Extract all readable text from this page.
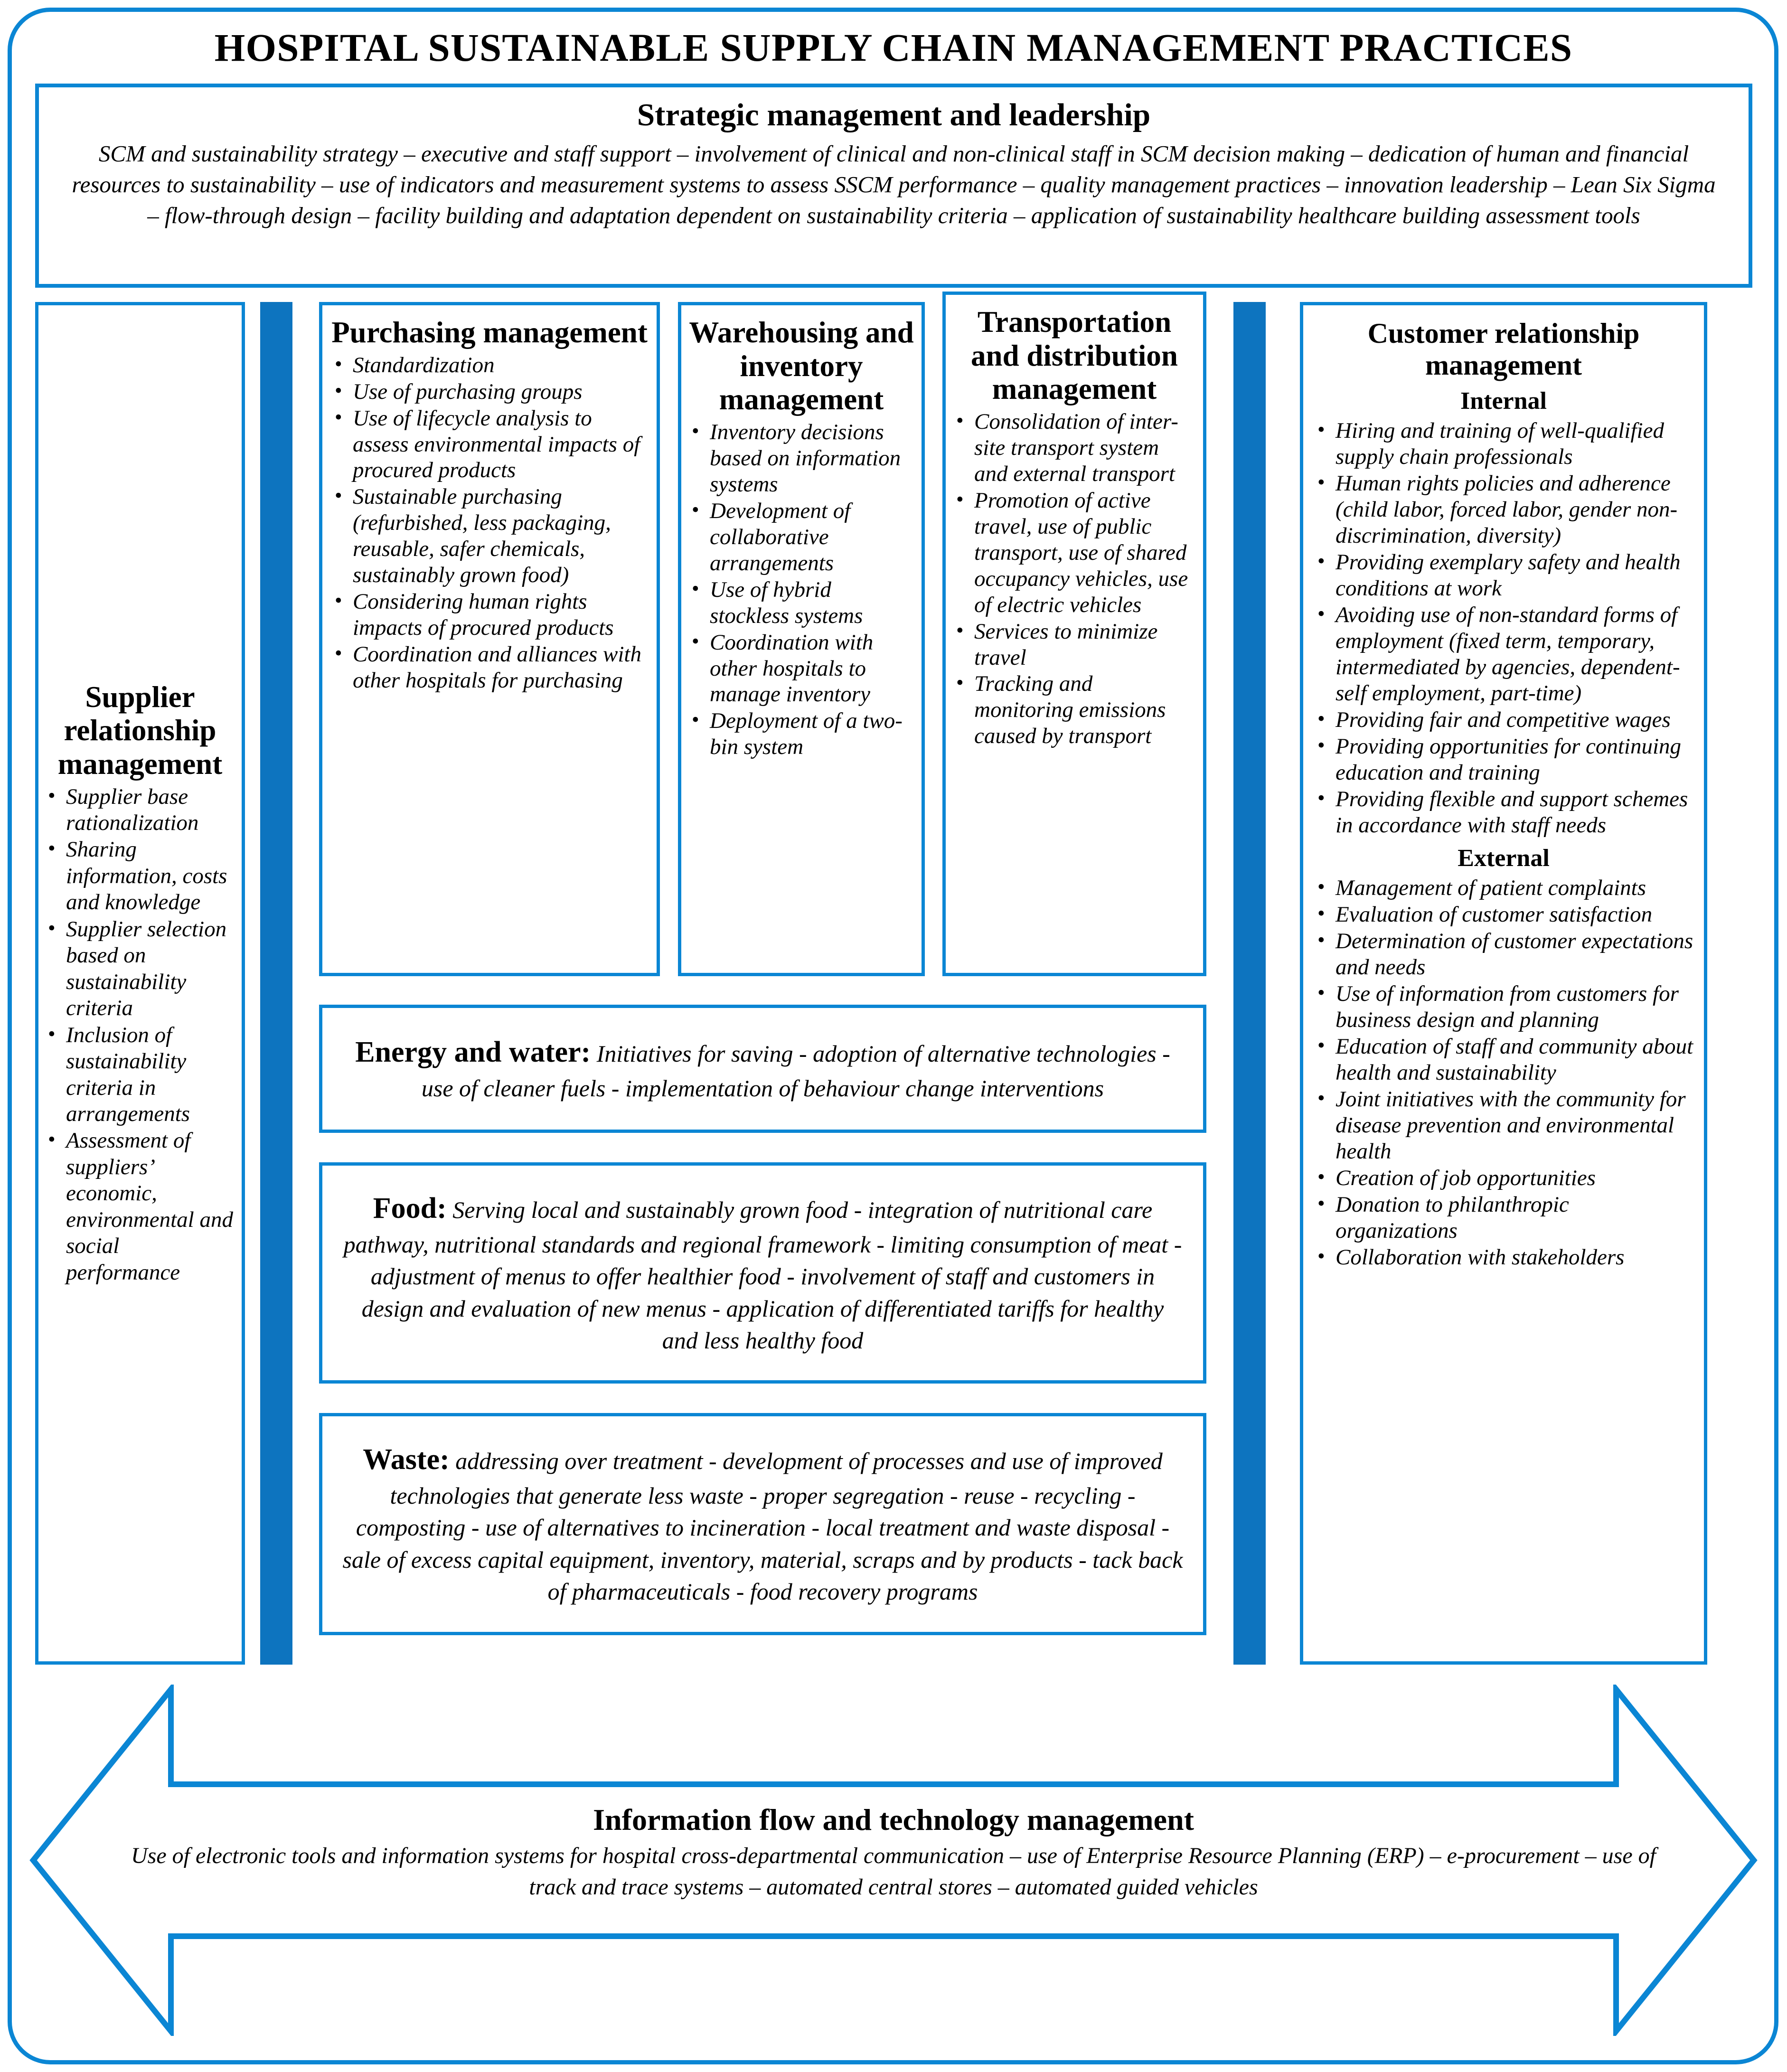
HOSPITAL SUSTAINABLE SUPPLY CHAIN MANAGEMENT PRACTICES
Strategic management and leadership
SCM and sustainability strategy – executive and staff support – involvement of clinical and non-clinical staff in SCM decision making – dedication of human and financial resources to sustainability – use of indicators and measurement systems to assess SSCM performance – quality management practices – innovation leadership – Lean Six Sigma – flow-through design – facility building and adaptation dependent on sustainability criteria – application of sustainability healthcare building assessment tools
Supplier relationship management
• Supplier base rationalization
• Sharing information, costs and knowledge
• Supplier selection based on sustainability criteria
• Inclusion of sustainability criteria in arrangements
• Assessment of suppliers’ economic, environmental and social performance
Purchasing management
• Standardization
• Use of purchasing groups
• Use of lifecycle analysis to assess environmental impacts of procured products
• Sustainable purchasing (refurbished, less packaging, reusable, safer chemicals, sustainably grown food)
• Considering human rights impacts of procured products
• Coordination and alliances with other hospitals for purchasing
Warehousing and inventory management
• Inventory decisions based on information systems
• Development of collaborative arrangements
• Use of hybrid stockless systems
• Coordination with other hospitals to manage inventory
• Deployment of a two-bin system
Transportation and distribution management
• Consolidation of inter-site transport system and external transport
• Promotion of active travel, use of public transport, use of shared occupancy vehicles, use of electric vehicles
• Services to minimize travel
• Tracking and monitoring emissions caused by transport
Energy and water: Initiatives for saving - adoption of alternative technologies - use of cleaner fuels - implementation of behaviour change interventions
Food: Serving local and sustainably grown food - integration of nutritional care pathway, nutritional standards and regional framework - limiting consumption of meat - adjustment of menus to offer healthier food - involvement of staff and customers in design and evaluation of new menus - application of differentiated tariffs for healthy and less healthy food
Waste: addressing over treatment - development of processes and use of improved technologies that generate less waste - proper segregation - reuse - recycling - composting - use of alternatives to incineration - local treatment and waste disposal - sale of excess capital equipment, inventory, material, scraps and by products - tack back of pharmaceuticals - food recovery programs
Customer relationship management
Internal
• Hiring and training of well-qualified supply chain professionals
• Human rights policies and adherence (child labor, forced labor, gender non-discrimination, diversity)
• Providing exemplary safety and health conditions at work
• Avoiding use of non-standard forms of employment (fixed term, temporary, intermediated by agencies, dependent-self employment, part-time)
• Providing fair and competitive wages
• Providing opportunities for continuing education and training
• Providing flexible and support schemes in accordance with staff needs
External
• Management of patient complaints
• Evaluation of customer satisfaction
• Determination of customer expectations and needs
• Use of information from customers for business design and planning
• Education of staff and community about health and sustainability
• Joint initiatives with the community for disease prevention and environmental health
• Creation of job opportunities
• Donation to philanthropic organizations
• Collaboration with stakeholders
Information flow and technology management
Use of electronic tools and information systems for hospital cross-departmental communication – use of Enterprise Resource Planning (ERP) – e-procurement – use of track and trace systems – automated central stores – automated guided vehicles
